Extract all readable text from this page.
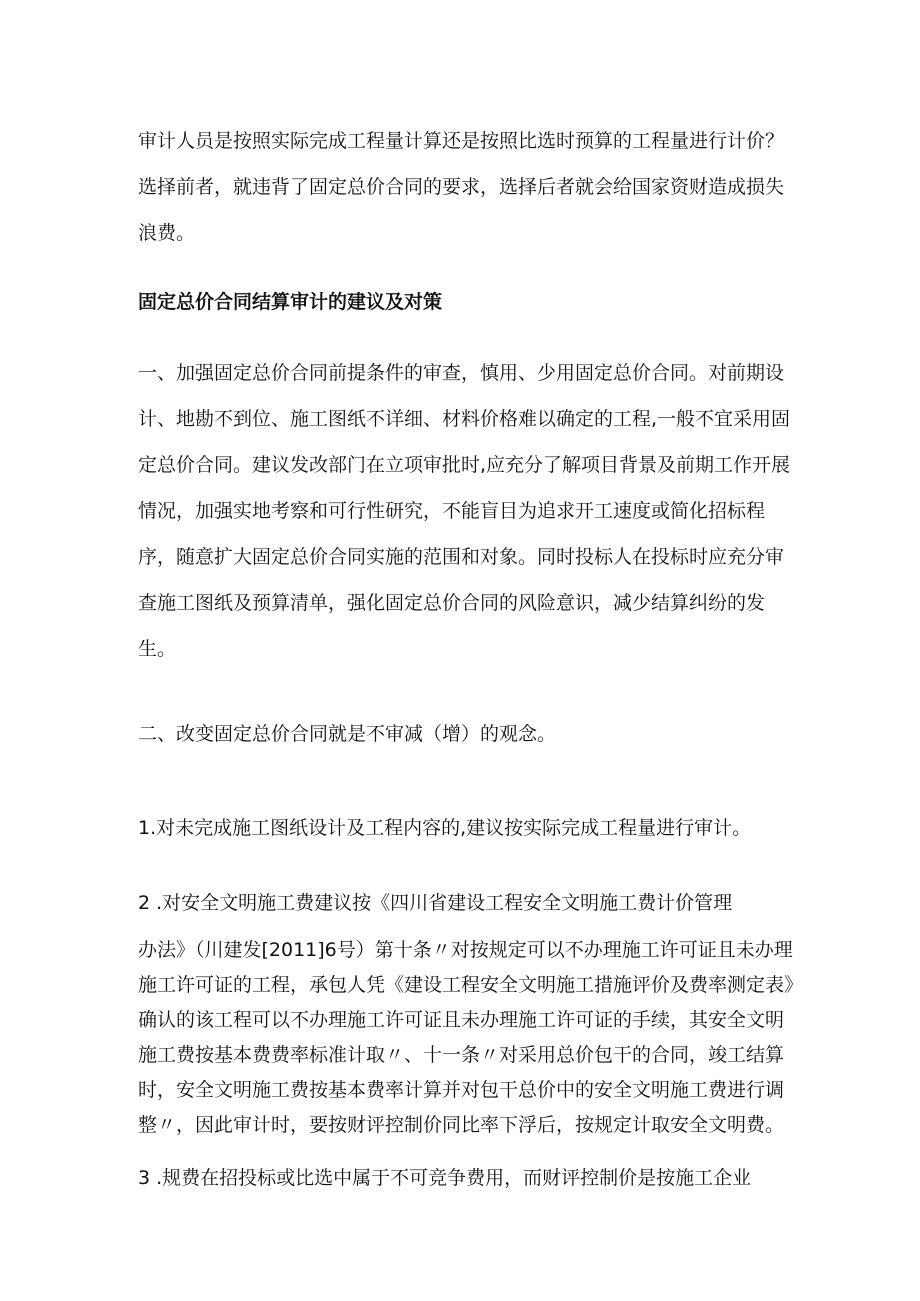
审计人员是按照实际完成工程量计算还是按照比选时预算的工程量进行计价？选择前者，就违背了固定总价合同的要求，选择后者就会给国家资财造成损失浪费。

固定总价合同结算审计的建议及对策

一、加强固定总价合同前提条件的审查，慎用、少用固定总价合同。对前期设计、地勘不到位、施工图纸不详细、材料价格难以确定的工程,一般不宜采用固定总价合同。建议发改部门在立项审批时,应充分了解项目背景及前期工作开展情况，加强实地考察和可行性研究，不能盲目为追求开工速度或简化招标程序，随意扩大固定总价合同实施的范围和对象。同时投标人在投标时应充分审查施工图纸及预算清单，强化固定总价合同的风险意识，减少结算纠纷的发生。

二、改变固定总价合同就是不审减（增）的观念。

1.对未完成施工图纸设计及工程内容的,建议按实际完成工程量进行审计。

2 .对安全文明施工费建议按《四川省建设工程安全文明施工费计价管理

办法》（川建发[2011]6号）第十条〃对按规定可以不办理施工许可证且未办理施工许可证的工程，承包人凭《建设工程安全文明施工措施评价及费率测定表》确认的该工程可以不办理施工许可证且未办理施工许可证的手续，其安全文明施工费按基本费费率标准计取〃、十一条〃对采用总价包干的合同，竣工结算时，安全文明施工费按基本费率计算并对包干总价中的安全文明施工费进行调整〃，因此审计时，要按财评控制价同比率下浮后，按规定计取安全文明费。

3 .规费在招投标或比选中属于不可竞争费用，而财评控制价是按施工企业
